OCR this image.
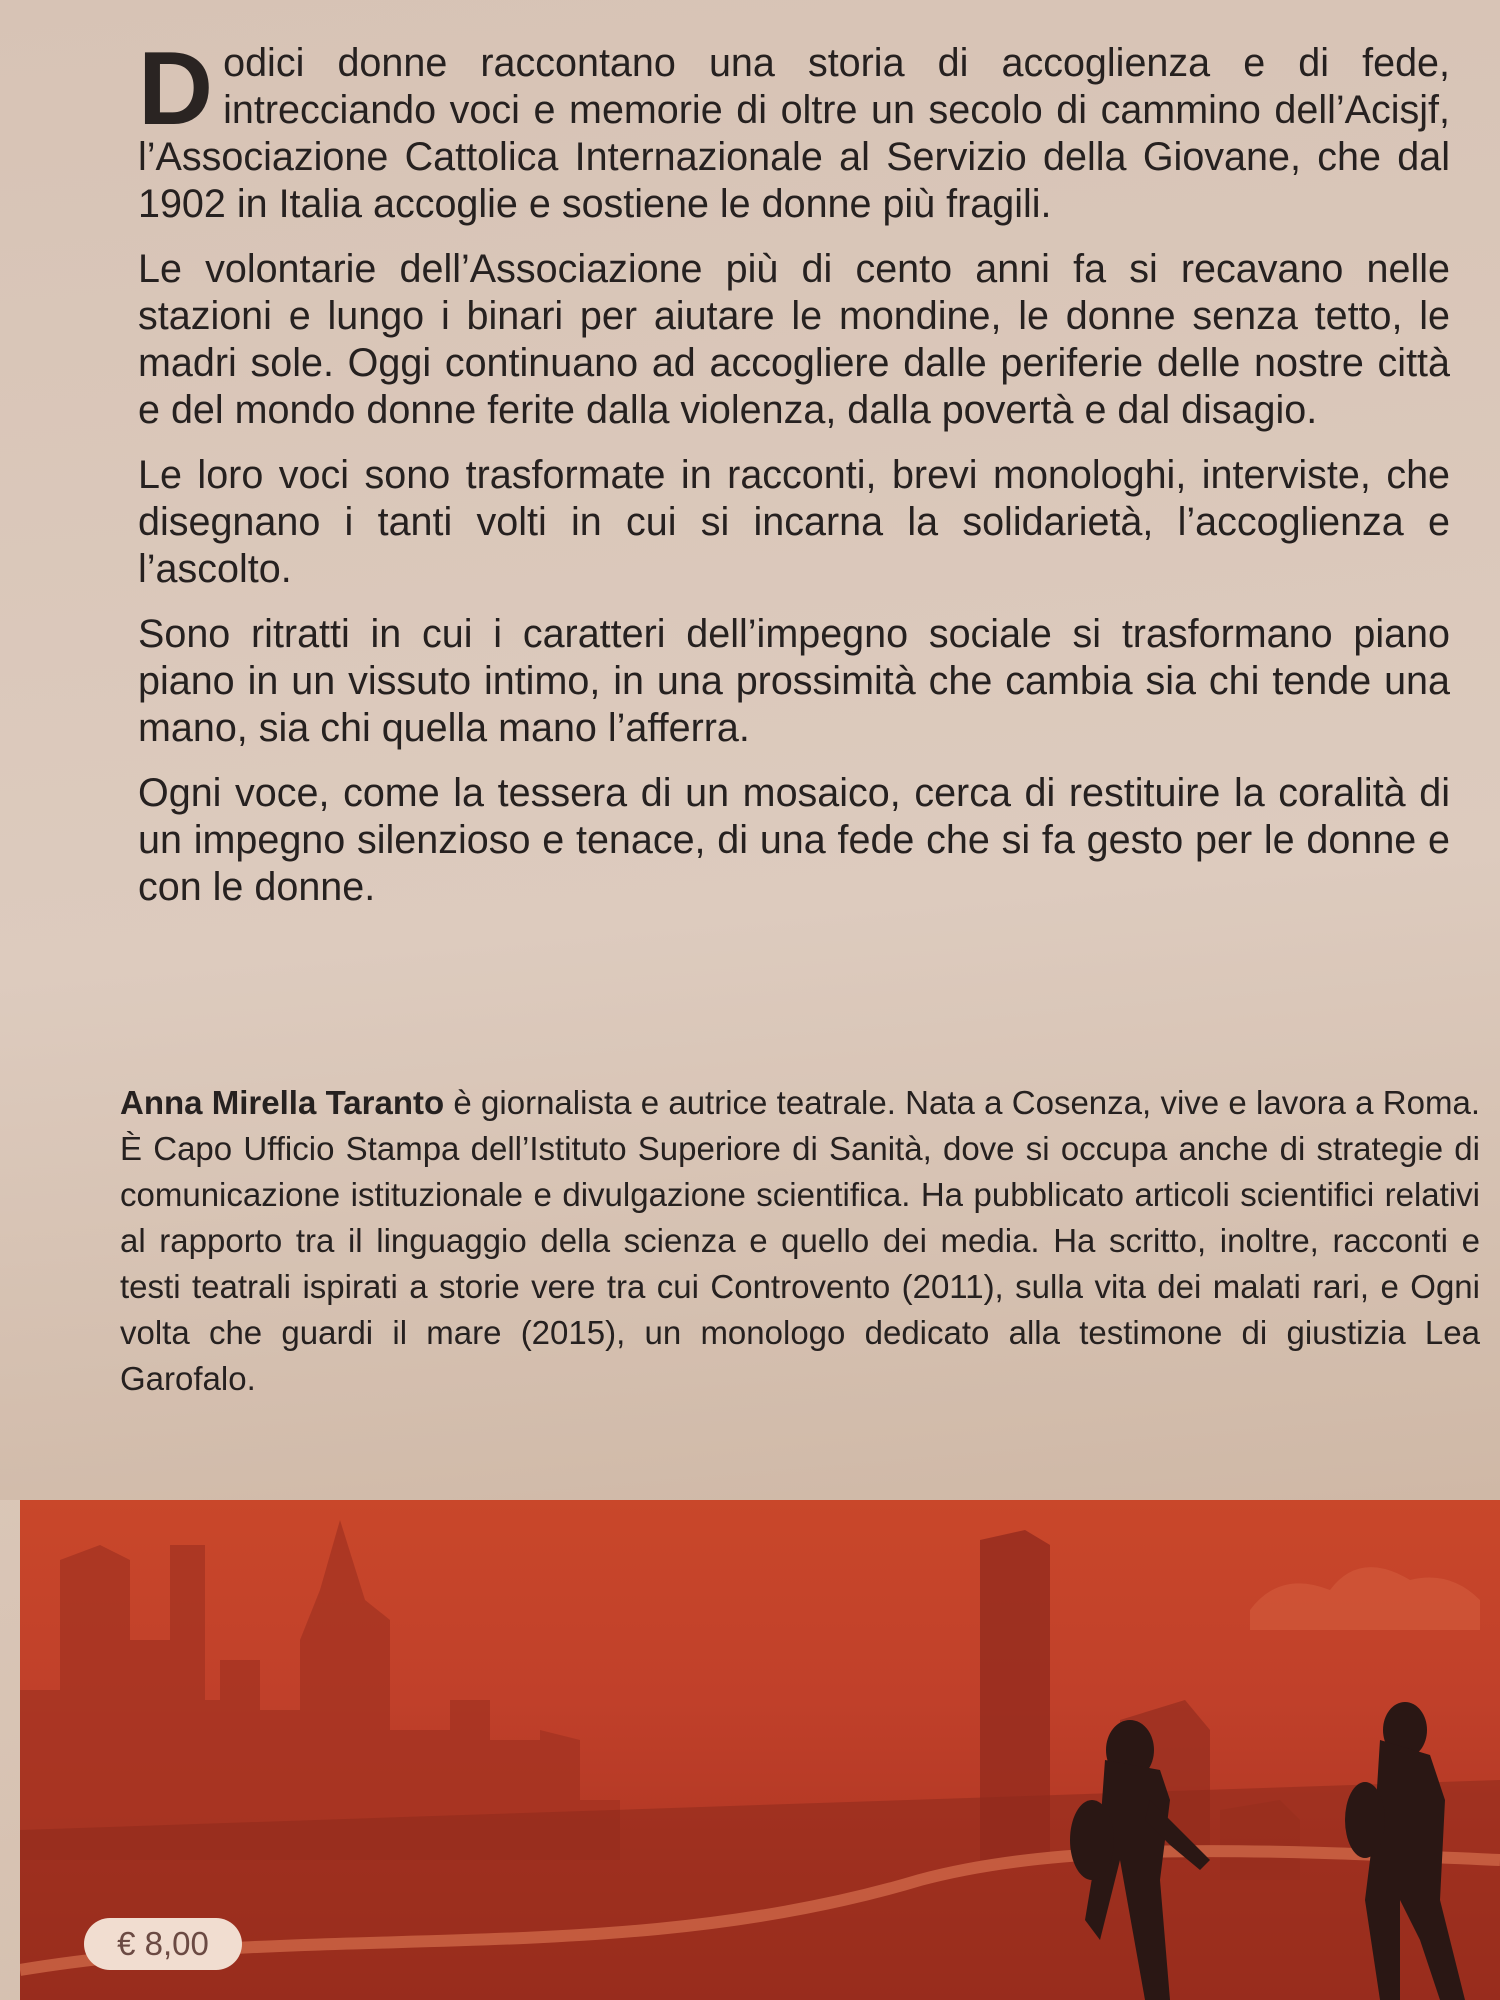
Dodici donne raccontano una storia di accoglienza e di fede, intrecciando voci e memorie di oltre un secolo di cammino dell’Acisjf, l’Associazione Cattolica Internazionale al Servizio della Giovane, che dal 1902 in Italia accoglie e sostiene le donne più fragili.

Le volontarie dell’Associazione più di cento anni fa si recavano nelle stazioni e lungo i binari per aiutare le mondine, le donne senza tetto, le madri sole. Oggi continuano ad accogliere dalle periferie delle nostre città e del mondo donne ferite dalla violenza, dalla povertà e dal disagio.

Le loro voci sono trasformate in racconti, brevi monologhi, interviste, che disegnano i tanti volti in cui si incarna la solidarietà, l’accoglienza e l’ascolto.

Sono ritratti in cui i caratteri dell’impegno sociale si trasformano piano piano in un vissuto intimo, in una prossimità che cambia sia chi tende una mano, sia chi quella mano l’afferra.

Ogni voce, come la tessera di un mosaico, cerca di restituire la coralità di un impegno silenzioso e tenace, di una fede che si fa gesto per le donne e con le donne.

Anna Mirella Taranto è giornalista e autrice teatrale. Nata a Cosenza, vive e lavora a Roma. È Capo Ufficio Stampa dell’Istituto Superiore di Sanità, dove si occupa anche di strategie di comunicazione istituzionale e divulgazione scientifica. Ha pubblicato articoli scientifici relativi al rapporto tra il linguaggio della scienza e quello dei media. Ha scritto, inoltre, racconti e testi teatrali ispirati a storie vere tra cui Controvento (2011), sulla vita dei malati rari, e Ogni volta che guardi il mare (2015), un monologo dedicato alla testimone di giustizia Lea Garofalo.
€ 8,00
